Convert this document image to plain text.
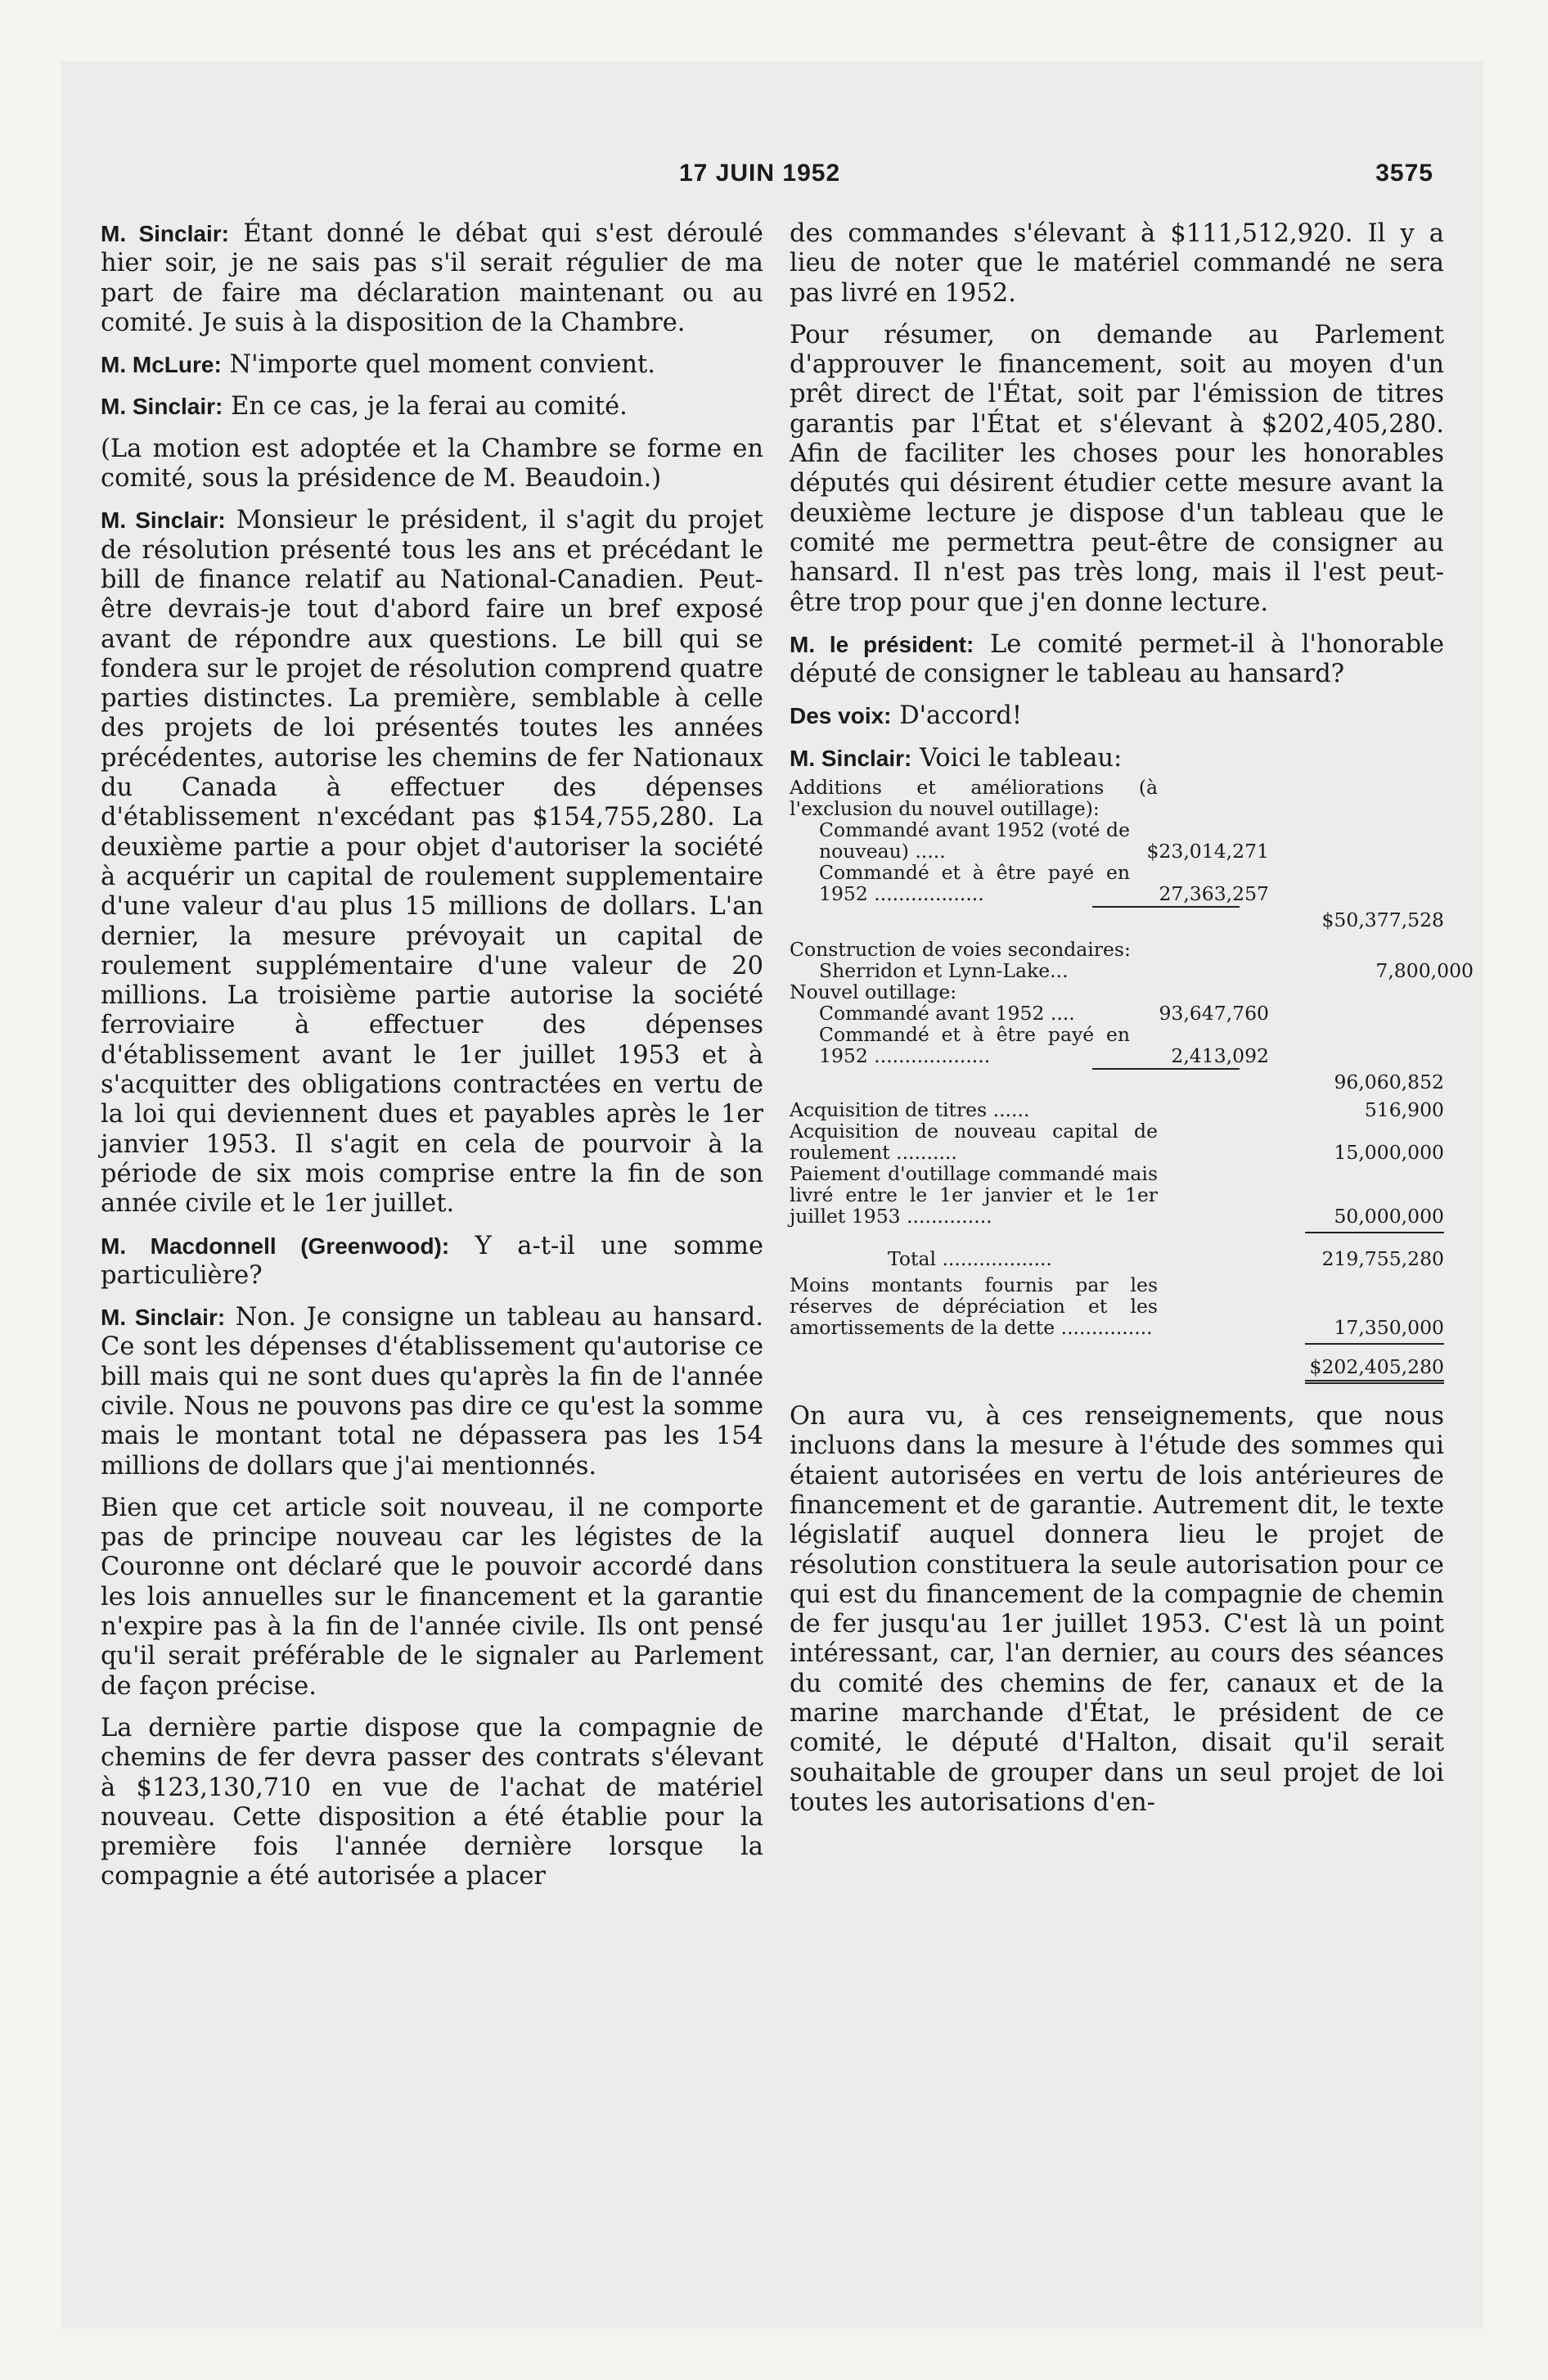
17 JUIN 1952	3575

M. Sinclair: Étant donné le débat qui s'est déroulé hier soir, je ne sais pas s'il serait régulier de ma part de faire ma déclaration maintenant ou au comité. Je suis à la disposition de la Chambre.

M. McLure: N'importe quel moment convient.

M. Sinclair: En ce cas, je la ferai au comité.

(La motion est adoptée et la Chambre se forme en comité, sous la présidence de M. Beaudoin.)

M. Sinclair: Monsieur le président, il s'agit du projet de résolution présenté tous les ans et précédant le bill de finance relatif au National-Canadien. Peut-être devrais-je tout d'abord faire un bref exposé avant de répondre aux questions. Le bill qui se fondera sur le projet de résolution comprend quatre parties distinctes. La première, semblable à celle des projets de loi présentés toutes les années précédentes, autorise les chemins de fer Nationaux du Canada à effectuer des dépenses d'établissement n'excédant pas $154,755,280. La deuxième partie a pour objet d'autoriser la société à acquérir un capital de roulement supplementaire d'une valeur d'au plus 15 millions de dollars. L'an dernier, la mesure prévoyait un capital de roulement supplémentaire d'une valeur de 20 millions. La troisième partie autorise la société ferroviaire à effectuer des dépenses d'établissement avant le 1er juillet 1953 et à s'acquitter des obligations contractées en vertu de la loi qui deviennent dues et payables après le 1er janvier 1953. Il s'agit en cela de pourvoir à la période de six mois comprise entre la fin de son année civile et le 1er juillet.

M. Macdonnell (Greenwood): Y a-t-il une somme particulière?

M. Sinclair: Non. Je consigne un tableau au hansard. Ce sont les dépenses d'établissement qu'autorise ce bill mais qui ne sont dues qu'après la fin de l'année civile. Nous ne pouvons pas dire ce qu'est la somme mais le montant total ne dépassera pas les 154 millions de dollars que j'ai mentionnés.

Bien que cet article soit nouveau, il ne comporte pas de principe nouveau car les légistes de la Couronne ont déclaré que le pouvoir accordé dans les lois annuelles sur le financement et la garantie n'expire pas à la fin de l'année civile. Ils ont pensé qu'il serait préférable de le signaler au Parlement de façon précise.

La dernière partie dispose que la compagnie de chemins de fer devra passer des contrats s'élevant à $123,130,710 en vue de l'achat de matériel nouveau. Cette disposition a été établie pour la première fois l'année dernière lorsque la compagnie a été autorisée a placer

des commandes s'élevant à $111,512,920. Il y a lieu de noter que le matériel commandé ne sera pas livré en 1952.

Pour résumer, on demande au Parlement d'approuver le financement, soit au moyen d'un prêt direct de l'État, soit par l'émission de titres garantis par l'État et s'élevant à $202,405,280. Afin de faciliter les choses pour les honorables députés qui désirent étudier cette mesure avant la deuxième lecture je dispose d'un tableau que le comité me permettra peut-être de consigner au hansard. Il n'est pas très long, mais il l'est peut-être trop pour que j'en donne lecture.

M. le président: Le comité permet-il à l'honorable député de consigner le tableau au hansard?

Des voix: D'accord!

M. Sinclair: Voici le tableau:

Additions et améliorations (à l'exclusion du nouvel outillage):
Commandé avant 1952 (voté de nouveau) .....	$23,014,271
Commandé et à être payé en 1952 ..................	27,363,257
$50,377,528
Construction de voies secondaires:
Sherridon et Lynn-Lake...	7,800,000
Nouvel outillage:
Commandé avant 1952 ....	93,647,760
Commandé et à être payé en 1952 ...................	2,413,092
96,060,852
Acquisition de titres ......	516,900
Acquisition de nouveau capital de roulement ..........	15,000,000
Paiement d'outillage commandé mais livré entre le 1er janvier et le 1er juillet 1953 ..............	50,000,000
Total ..................	219,755,280
Moins montants fournis par les réserves de dépréciation et les amortissements de la dette ...............	17,350,000
$202,405,280

On aura vu, à ces renseignements, que nous incluons dans la mesure à l'étude des sommes qui étaient autorisées en vertu de lois antérieures de financement et de garantie. Autrement dit, le texte législatif auquel donnera lieu le projet de résolution constituera la seule autorisation pour ce qui est du financement de la compagnie de chemin de fer jusqu'au 1er juillet 1953. C'est là un point intéressant, car, l'an dernier, au cours des séances du comité des chemins de fer, canaux et de la marine marchande d'État, le président de ce comité, le député d'Halton, disait qu'il serait souhaitable de grouper dans un seul projet de loi toutes les autorisations d'en-
